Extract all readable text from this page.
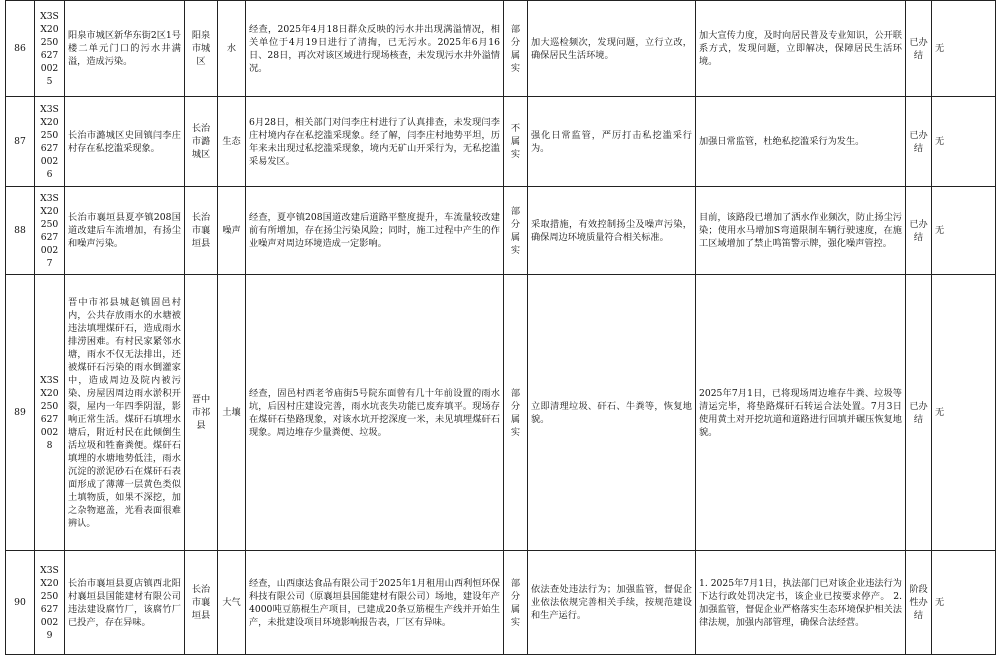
86	X3SX202506270025	阳泉市城区新华东街2区1号楼二单元门口的污水井满溢，造成污染。	阳泉市城区	水	经查，2025年4月18日群众反映的污水井出现满溢情况，相关单位于4月19日进行了清掏，已无污水。2025年6月16日、28日，再次对该区域进行现场核查，未发现污水井外溢情况。	部分属实	加大巡检频次，发现问题，立行立改，确保居民生活环境。	加大宣传力度，及时向居民普及专业知识，公开联系方式，发现问题，立即解决，保障居民生活环境。	已办结	无
87	X3SX202506270026	长治市潞城区史回镇闫李庄村存在私挖滥采现象。	长治市潞城区	生态	6月28日，相关部门对闫李庄村进行了认真排查，未发现闫李庄村境内存在私挖滥采现象。经了解，闫李庄村地势平坦，历年来未出现过私挖滥采现象，境内无矿山开采行为，无私挖滥采易发区。	不属实	强化日常监管，严厉打击私挖滥采行为。	加强日常监管，杜绝私挖滥采行为发生。	已办结	无
88	X3SX202506270027	长治市襄垣县夏亭镇208国道改建后车流增加，有扬尘和噪声污染。	长治市襄垣县	噪声	经查，夏亭镇208国道改建后道路平整度提升，车流量较改建前有所增加，存在扬尘污染风险；同时，施工过程中产生的作业噪声对周边环境造成一定影响。	部分属实	采取措施，有效控制扬尘及噪声污染，确保周边环境质量符合相关标准。	目前，该路段已增加了洒水作业频次，防止扬尘污染；使用水马增加S弯道限制车辆行驶速度，在施工区域增加了禁止鸣笛警示牌，强化噪声管控。	已办结	无
89	X3SX202506270028	晋中市祁县城赵镇固邑村内，公共存放雨水的水塘被违法填埋煤矸石，造成雨水排涝困难。有村民家紧邻水塘，雨水不仅无法排出，还被煤矸石污染的雨水倒灌家中，造成周边及院内被污染、房屋因周边雨水淤积开裂，屋内一年四季阴湿，影响正常生活。煤矸石填埋水塘后，附近村民在此倾倒生活垃圾和牲畜粪便。煤矸石填埋的水塘地势低洼，雨水沉淀的淤泥砂石在煤矸石表面形成了薄薄一层黄色类似土填物质，如果不深挖，加之杂物遮盖，光看表面很难辨认。	晋中市祁县	土壤	经查，固邑村西老爷庙街5号院东面曾有几十年前设置的雨水坑，后因村庄建设完善，雨水坑丧失功能已废弃填平。现场存在煤矸石垫路现象，对该水坑开挖深度一米，未见填埋煤矸石现象。周边堆存少量粪便、垃圾。	部分属实	立即清理垃圾、矸石、牛粪等，恢复地貌。	2025年7月1日，已将现场周边堆存牛粪、垃圾等清运完毕，将垫路煤矸石转运合法处置。7月3日使用黄土对开挖坑道和道路进行回填并碾压恢复地貌。	已办结	无
90	X3SX202506270029	长治市襄垣县夏店镇西北阳村襄垣县国能建材有限公司违法建设腐竹厂，该腐竹厂已投产，存在异味。	长治市襄垣县	大气	经查，山西康达食品有限公司于2025年1月租用山西利恒环保科技有限公司（原襄垣县国能建材有限公司）场地，建设年产4000吨豆筋棍生产项目，已建成20条豆筋棍生产线并开始生产，未批建设项目环境影响报告表，厂区有异味。	部分属实	依法查处违法行为；加强监管，督促企业依法依规完善相关手续，按规范建设和生产运行。	1. 2025年7月1日，执法部门已对该企业违法行为下达行政处罚决定书，该企业已按要求停产。 2. 加强监管，督促企业严格落实生态环境保护相关法律法规，加强内部管理，确保合法经营。	阶段性办结	无
